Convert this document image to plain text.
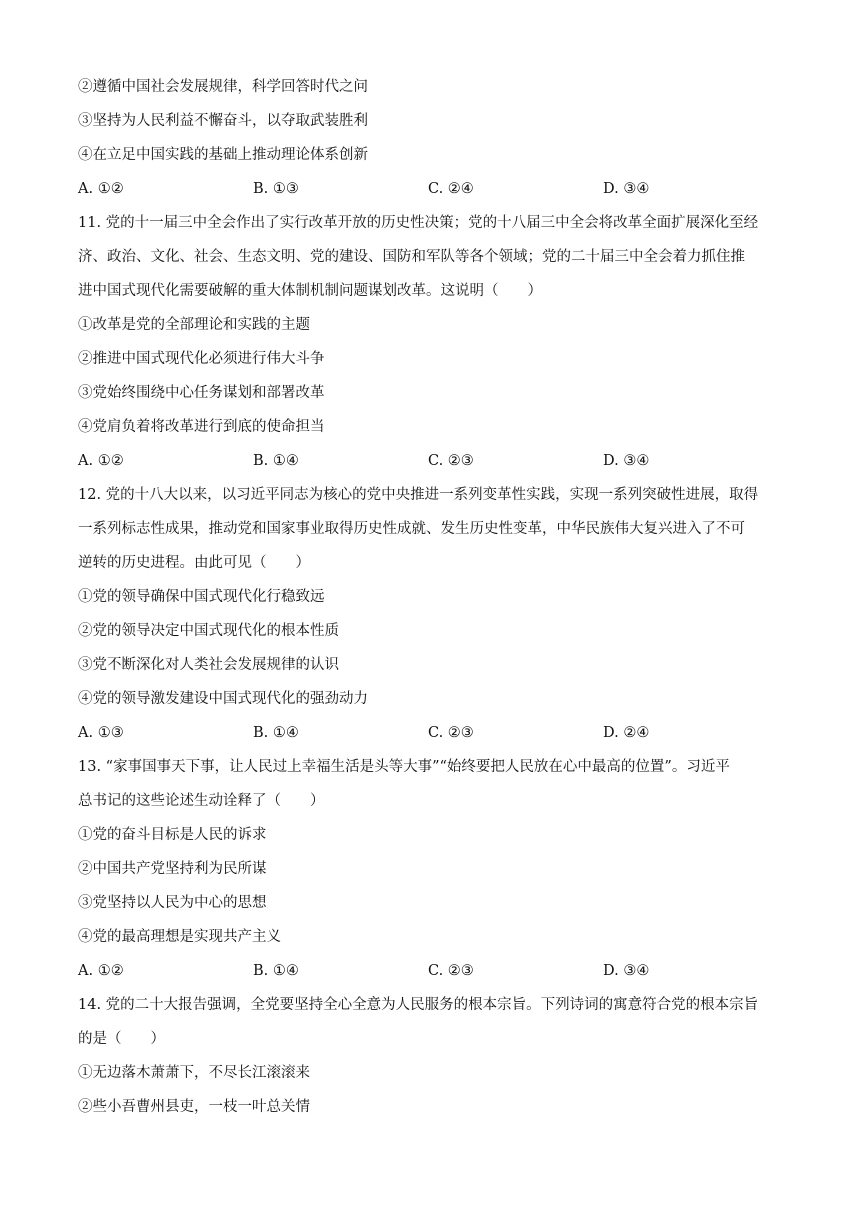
②遵循中国社会发展规律，科学回答时代之问
③坚持为人民利益不懈奋斗，以夺取武装胜利
④在立足中国实践的基础上推动理论体系创新
A. ①②	B. ①③	C. ②④	D. ③④
11. 党的十一届三中全会作出了实行改革开放的历史性决策；党的十八届三中全会将改革全面扩展深化至经
济、政治、文化、社会、生态文明、党的建设、国防和军队等各个领域；党的二十届三中全会着力抓住推
进中国式现代化需要破解的重大体制机制问题谋划改革。这说明（　　）
①改革是党的全部理论和实践的主题
②推进中国式现代化必须进行伟大斗争
③党始终围绕中心任务谋划和部署改革
④党肩负着将改革进行到底的使命担当
A. ①②	B. ①④	C. ②③	D. ③④
12. 党的十八大以来，以习近平同志为核心的党中央推进一系列变革性实践，实现一系列突破性进展，取得
一系列标志性成果，推动党和国家事业取得历史性成就、发生历史性变革，中华民族伟大复兴进入了不可
逆转的历史进程。由此可见（　　）
①党的领导确保中国式现代化行稳致远
②党的领导决定中国式现代化的根本性质
③党不断深化对人类社会发展规律的认识
④党的领导激发建设中国式现代化的强劲动力
A. ①③	B. ①④	C. ②③	D. ②④
13. “家事国事天下事，让人民过上幸福生活是头等大事”“始终要把人民放在心中最高的位置”。习近平
总书记的这些论述生动诠释了（　　）
①党的奋斗目标是人民的诉求
②中国共产党坚持利为民所谋
③党坚持以人民为中心的思想
④党的最高理想是实现共产主义
A. ①②	B. ①④	C. ②③	D. ③④
14. 党的二十大报告强调，全党要坚持全心全意为人民服务的根本宗旨。下列诗词的寓意符合党的根本宗旨
的是（　　）
①无边落木萧萧下，不尽长江滚滚来
②些小吾曹州县吏，一枝一叶总关情
